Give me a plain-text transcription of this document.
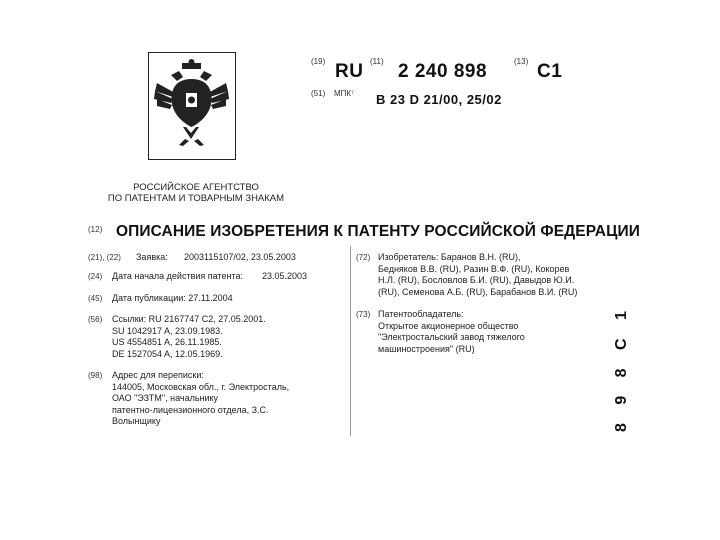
(19) RU (11) 2 240 898	(13) C1
(51) МПК⁷ B 23 D 21/00, 25/02
РОССИЙСКОЕ АГЕНТСТВО
ПО ПАТЕНТАМ И ТОВАРНЫМ ЗНАКАМ
(12) ОПИСАНИЕ ИЗОБРЕТЕНИЯ К ПАТЕНТУ РОССИЙСКОЙ ФЕДЕРАЦИИ
(21), (22) Заявка: 2003115107/02, 23.05.2003
(24) Дата начала действия патента: 23.05.2003
(45) Дата публикации: 27.11.2004
(56) Ссылки: RU 2167747 C2, 27.05.2001.
SU 1042917 A, 23.09.1983.
US 4554851 A, 26.11.1985.
DE 1527054 A, 12.05.1969.
(98) Адрес для переписки:
144005, Московская обл., г. Электросталь,
ОАО "ЭЗТМ", начальнику
патентно-лицензионного отдела, З.С.
Волынщику
(72) Изобретатель: Баранов В.Н. (RU),
Бедняков В.В. (RU), Разин В.Ф. (RU), Кокорев
Н.Л. (RU), Бословлов Б.И. (RU), Давыдов Ю.И.
(RU), Семенова А.Б. (RU), Барабанов В.И. (RU)
(73) Патентообладатель:
Открытое акционерное общество
"Электростальский завод тяжелого
машиностроения" (RU)	8 9 8 C 1
